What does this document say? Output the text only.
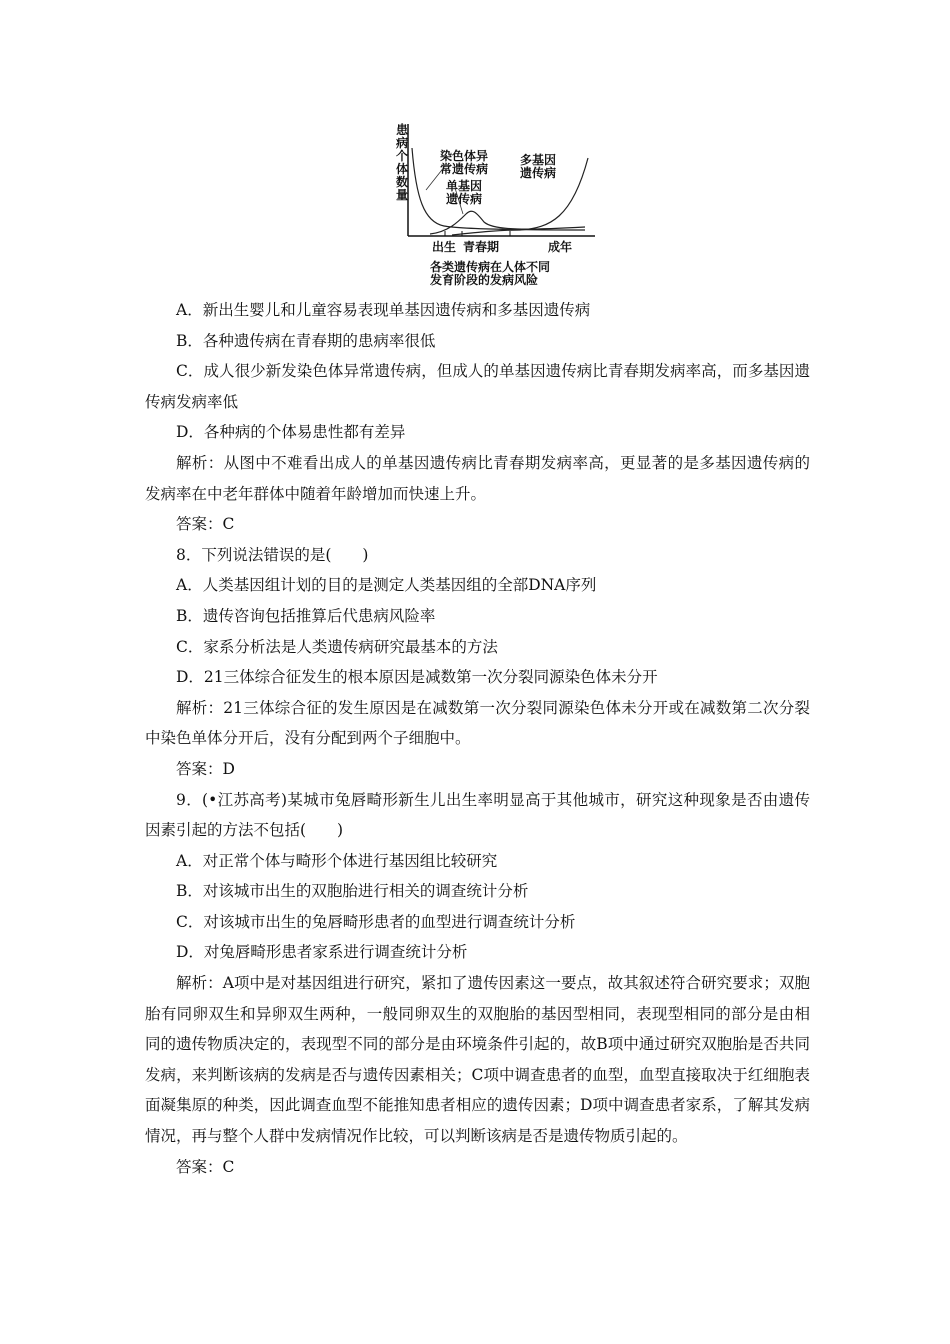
患病个体数量
染色体异
常遗传病
单基因
遗传病
多基因
遗传病
出生 青春期	成年
各类遗传病在人体不同
发育阶段的发病风险

A．新出生婴儿和儿童容易表现单基因遗传病和多基因遗传病

B．各种遗传病在青春期的患病率很低

C．成人很少新发染色体异常遗传病，但成人的单基因遗传病比青春期发病率高，而多基因遗传病发病率低

D．各种病的个体易患性都有差异

解析：从图中不难看出成人的单基因遗传病比青春期发病率高，更显著的是多基因遗传病的发病率在中老年群体中随着年龄增加而快速上升。

答案：C

8．下列说法错误的是(　　)

A．人类基因组计划的目的是测定人类基因组的全部DNA序列

B．遗传咨询包括推算后代患病风险率

C．家系分析法是人类遗传病研究最基本的方法

D．21三体综合征发生的根本原因是减数第一次分裂同源染色体未分开

解析：21三体综合征的发生原因是在减数第一次分裂同源染色体未分开或在减数第二次分裂中染色单体分开后，没有分配到两个子细胞中。

答案：D

9．(•江苏高考)某城市兔唇畸形新生儿出生率明显高于其他城市，研究这种现象是否由遗传因素引起的方法不包括(　　)

A．对正常个体与畸形个体进行基因组比较研究

B．对该城市出生的双胞胎进行相关的调查统计分析

C．对该城市出生的兔唇畸形患者的血型进行调查统计分析

D．对兔唇畸形患者家系进行调查统计分析

解析：A项中是对基因组进行研究，紧扣了遗传因素这一要点，故其叙述符合研究要求；双胞胎有同卵双生和异卵双生两种，一般同卵双生的双胞胎的基因型相同，表现型相同的部分是由相同的遗传物质决定的，表现型不同的部分是由环境条件引起的，故B项中通过研究双胞胎是否共同发病，来判断该病的发病是否与遗传因素相关；C项中调查患者的血型，血型直接取决于红细胞表面凝集原的种类，因此调查血型不能推知患者相应的遗传因素；D项中调查患者家系，了解其发病情况，再与整个人群中发病情况作比较，可以判断该病是否是遗传物质引起的。

答案：C
